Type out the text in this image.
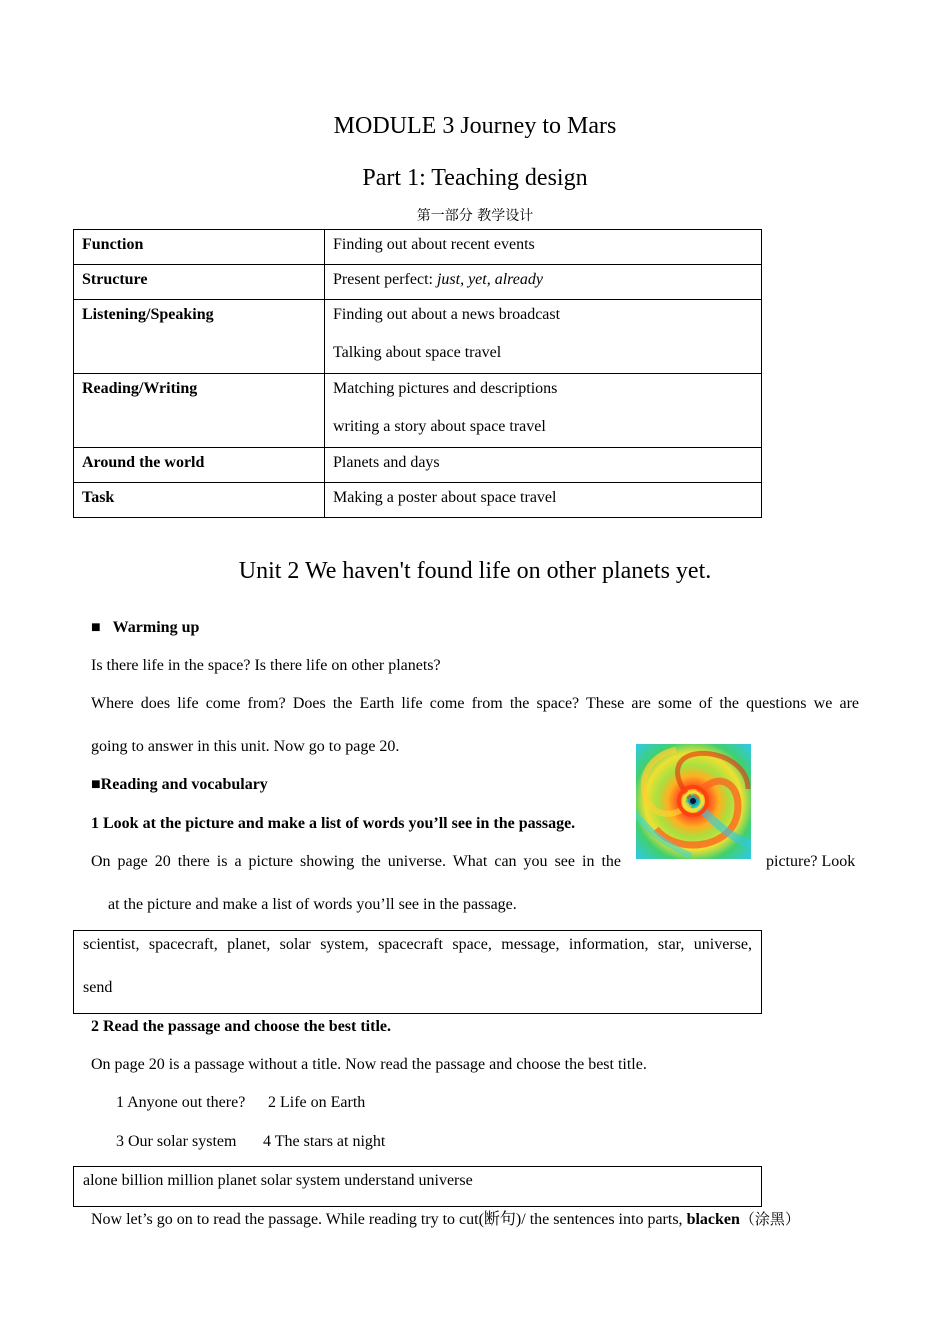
MODULE 3 Journey to Mars
Part 1: Teaching design
第一部分 教学设计
Function	Finding out about recent events

Structure	Present perfect: just, yet, already
Listening/Speaking	Finding out about a news broadcast
Talking about space travel

Reading/Writing	Matching pictures and descriptions
writing a story about space travel

Around the world	Planets and days

Task	Making a poster about space travel
Unit 2 We haven't found life on other planets yet.
■ Warming up
Is there life in the space? Is there life on other planets?
Where does life come from? Does the Earth life come from the space? These are some of the questions we are
going to answer in this unit. Now go to page 20.
■Reading and vocabulary
1 Look at the picture and make a list of words you’ll see in the passage.
On page 20 there is a picture showing the universe. What can you see in the	picture? Look
at the picture and make a list of words you’ll see in the passage.
scientist, spacecraft, planet, solar system, spacecraft space, message, information, star, universe,
send
2 Read the passage and choose the best title.
On page 20 is a passage without a title. Now read the passage and choose the best title.
1 Anyone out there? 2 Life on Earth
3 Our solar system 4 The stars at night
alone billion million planet solar system understand universe
Now let’s go on to read the passage. While reading try to cut(断句)/ the sentences into parts, blacken（涂黑）
